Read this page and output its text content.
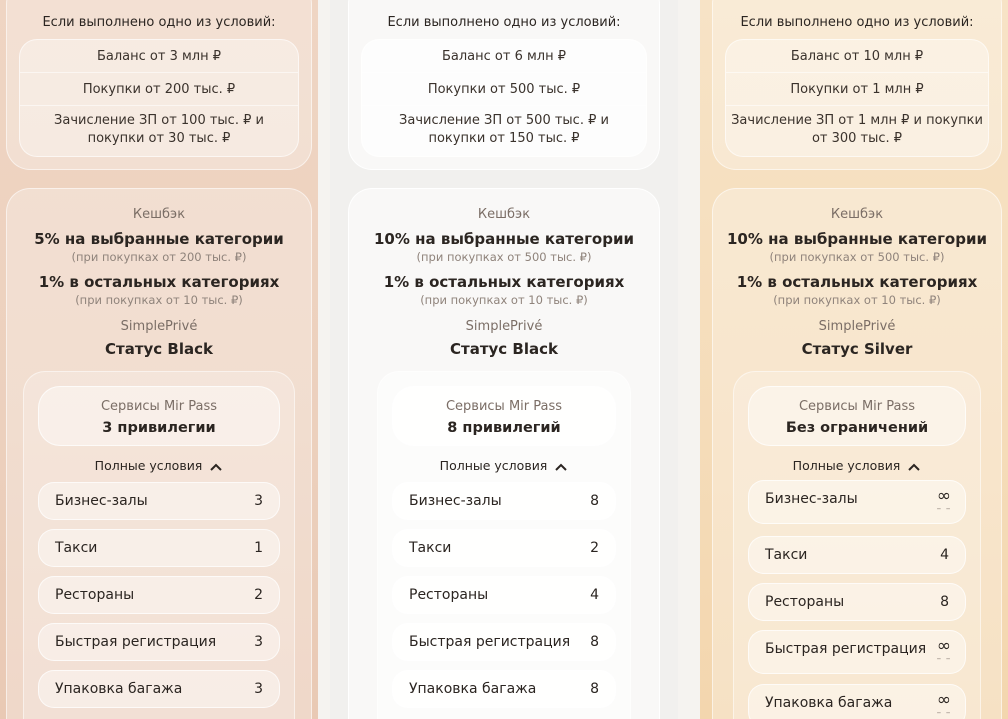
Если выполнено одно из условий:
Баланс от 3 млн ₽
Покупки от 200 тыс. ₽
Зачисление ЗП от 100 тыс. ₽ и
покупки от 30 тыс. ₽
Кешбэк
5% на выбранные категории
(при покупках от 200 тыс. ₽)
1% в остальных категориях
(при покупках от 10 тыс. ₽)
SimplePrivé
Статус Black
Сервисы Mir Pass
3 привилегии
Полные условия
Бизнес-залы	3
Такси	1
Рестораны	2
Быстрая регистрация	3
Упаковка багажа	3
Если выполнено одно из условий:
Баланс от 6 млн ₽
Покупки от 500 тыс. ₽
Зачисление ЗП от 500 тыс. ₽ и
покупки от 150 тыс. ₽
Кешбэк
10% на выбранные категории
(при покупках от 500 тыс. ₽)
1% в остальных категориях
(при покупках от 10 тыс. ₽)
SimplePrivé
Статус Black
Сервисы Mir Pass
8 привилегий
Полные условия
Бизнес-залы	8
Такси	2
Рестораны	4
Быстрая регистрация 8
Упаковка багажа	8
Если выполнено одно из условий:
Баланс от 10 млн ₽
Покупки от 1 млн ₽
Зачисление ЗП от 1 млн ₽ и покупки
от 300 тыс. ₽
Кешбэк
10% на выбранные категории
(при покупках от 500 тыс. ₽)
1% в остальных категориях
(при покупках от 10 тыс. ₽)
SimplePrivé
Статус Silver
Сервисы Mir Pass
Без ограничений
Полные условия
Бизнес-залы	∞
– –
Такси	4
Рестораны	8
Быстрая регистрация ∞
– –
Упаковка багажа	∞
– –
